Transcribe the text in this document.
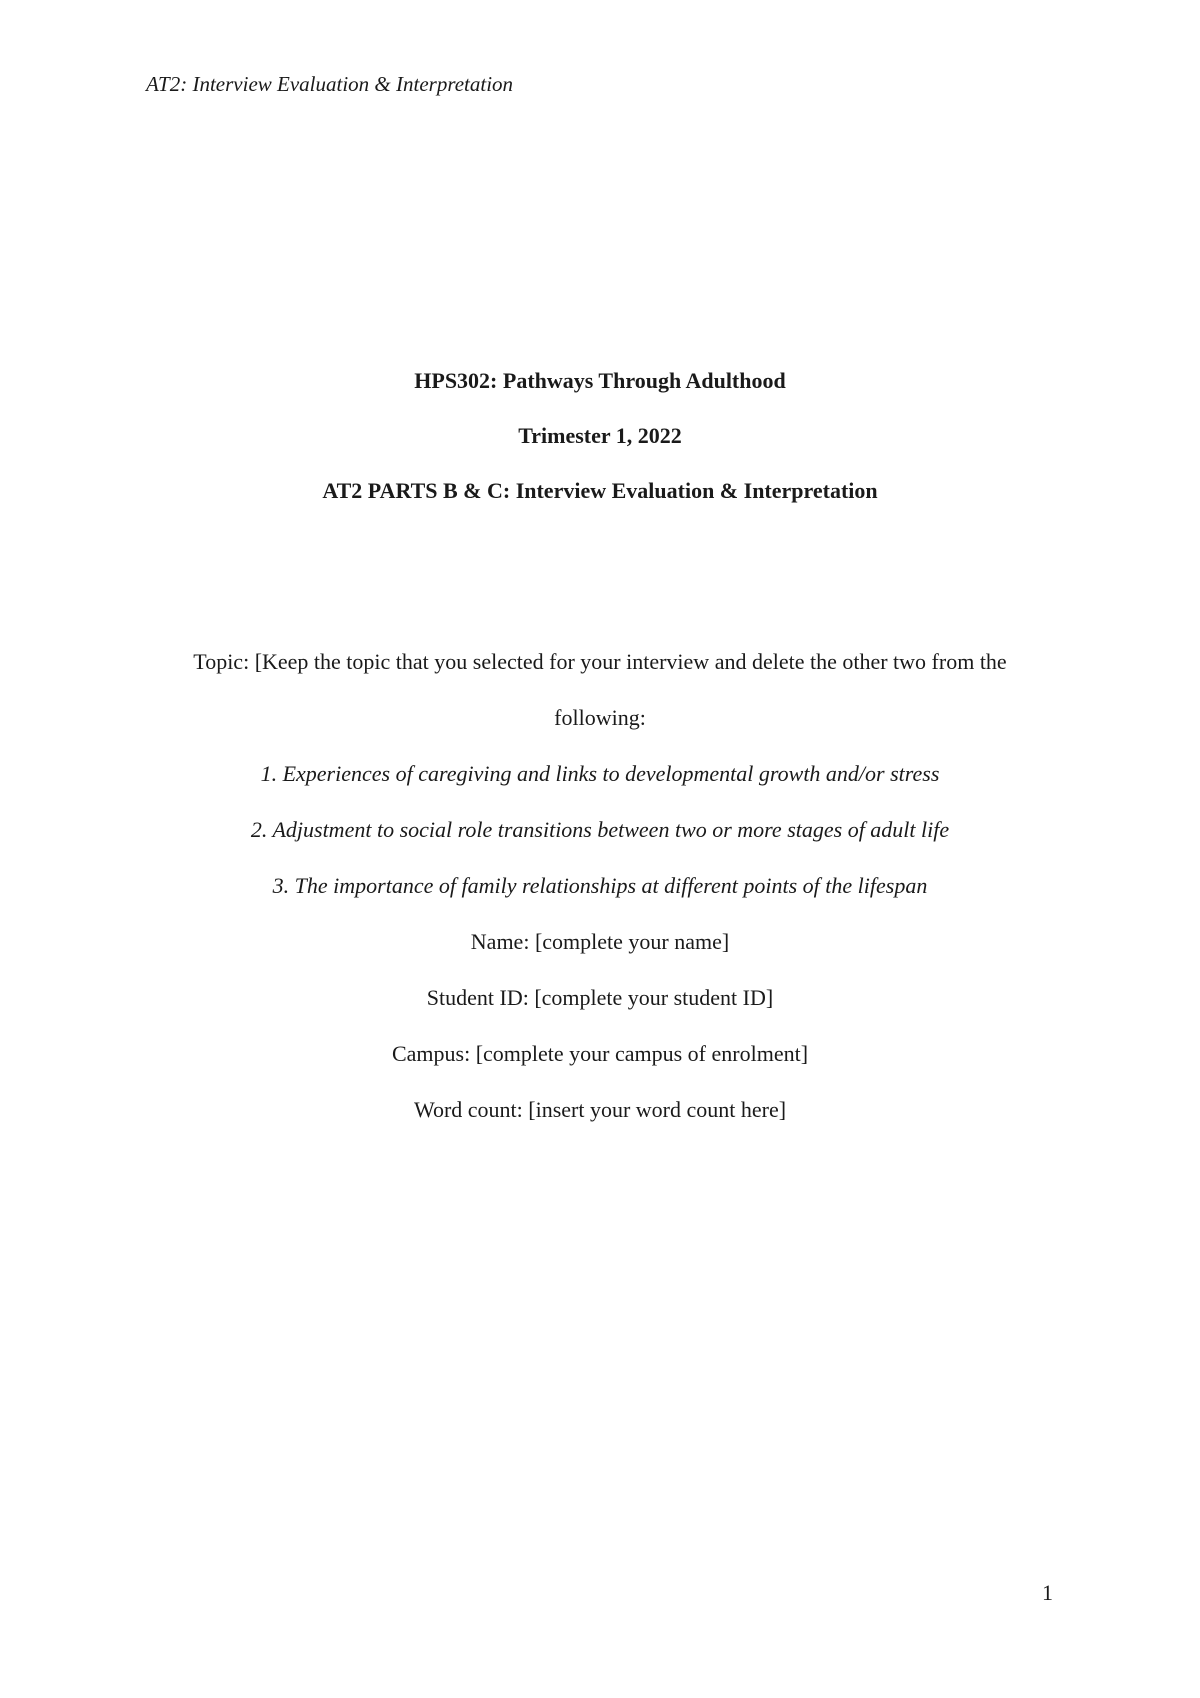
AT2: Interview Evaluation & Interpretation

HPS302: Pathways Through Adulthood

Trimester 1, 2022

AT2 PARTS B & C: Interview Evaluation & Interpretation

Topic: [Keep the topic that you selected for your interview and delete the other two from the

following:

1. Experiences of caregiving and links to developmental growth and/or stress

2. Adjustment to social role transitions between two or more stages of adult life

3. The importance of family relationships at different points of the lifespan

Name: [complete your name]

Student ID: [complete your student ID]

Campus: [complete your campus of enrolment]

Word count: [insert your word count here]

1
